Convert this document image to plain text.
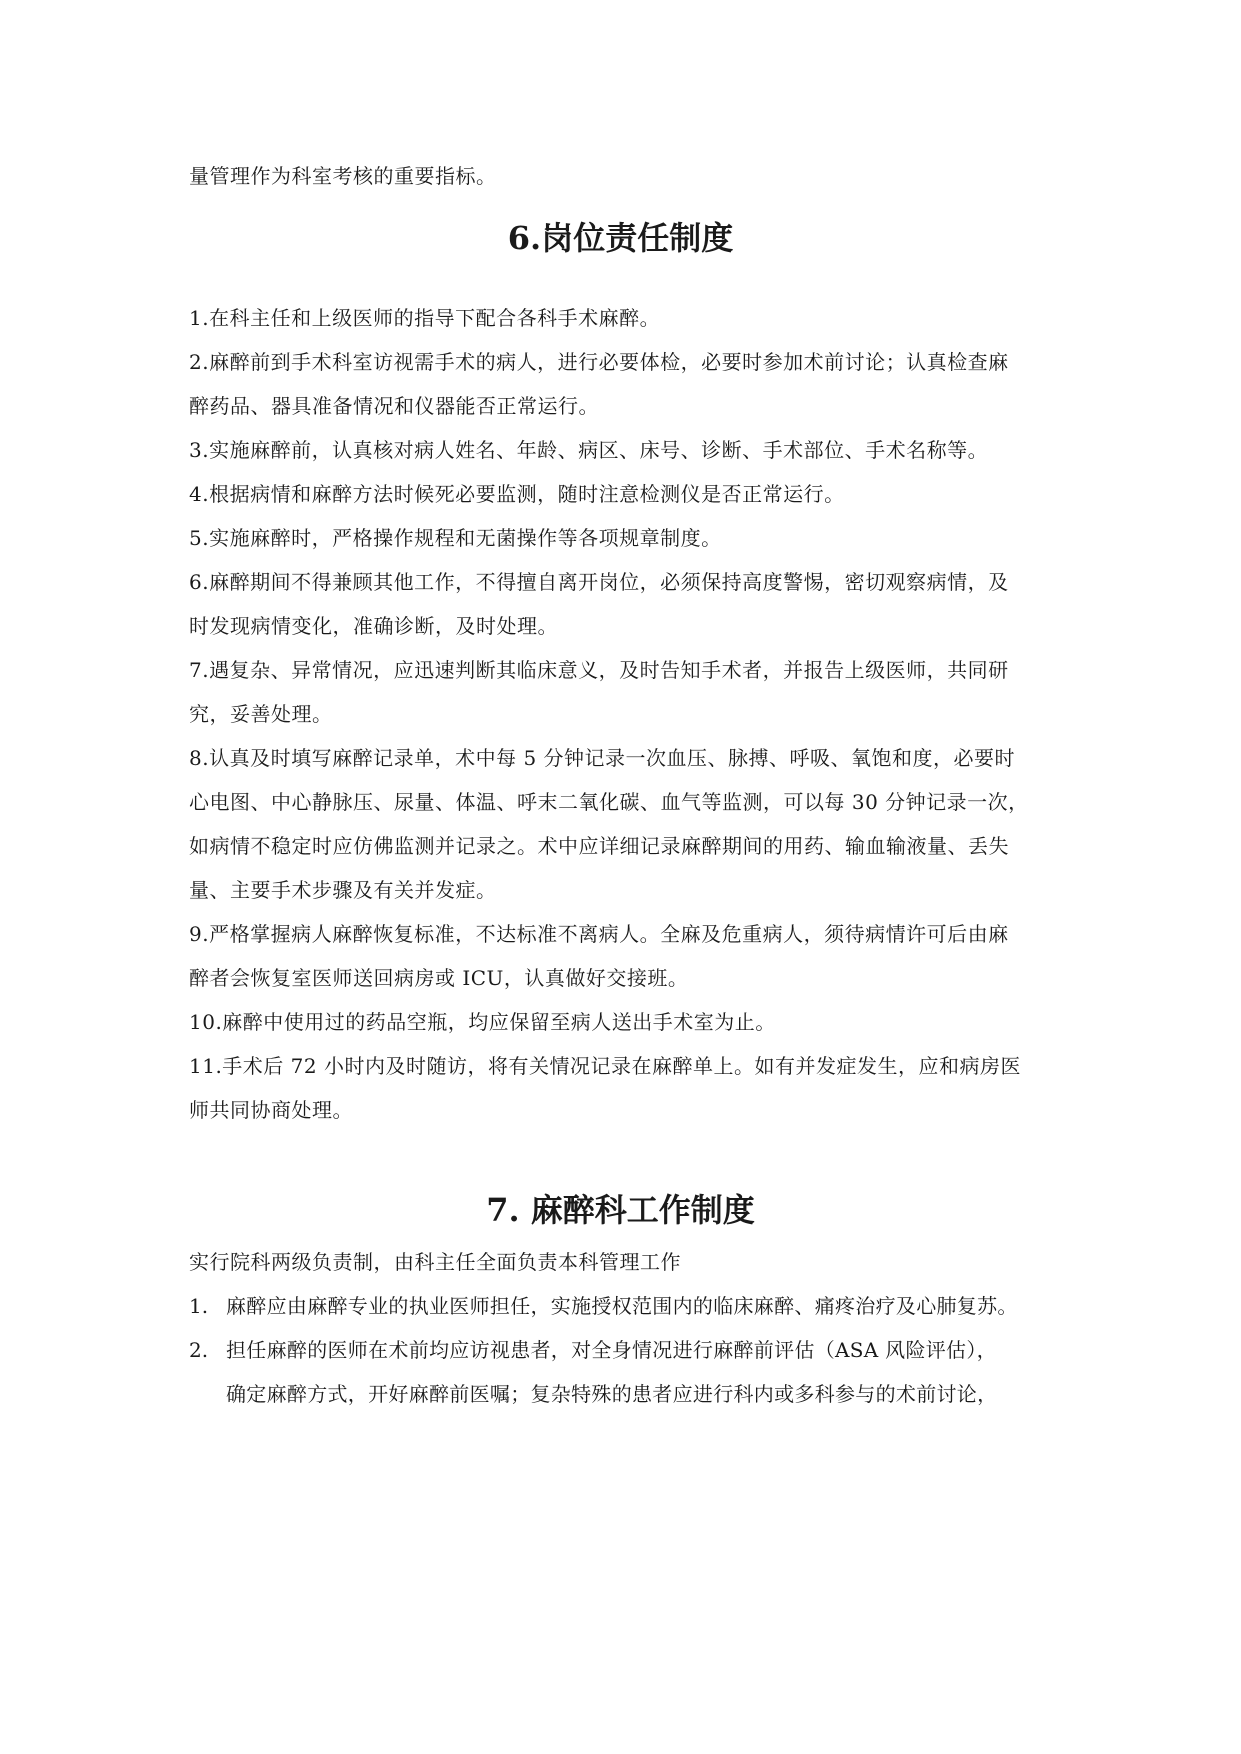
量管理作为科室考核的重要指标。
6.岗位责任制度
1.在科主任和上级医师的指导下配合各科手术麻醉。
2.麻醉前到手术科室访视需手术的病人，进行必要体检，必要时参加术前讨论；认真检查麻
醉药品、器具准备情况和仪器能否正常运行。
3.实施麻醉前，认真核对病人姓名、年龄、病区、床号、诊断、手术部位、手术名称等。
4.根据病情和麻醉方法时候死必要监测，随时注意检测仪是否正常运行。
5.实施麻醉时，严格操作规程和无菌操作等各项规章制度。
6.麻醉期间不得兼顾其他工作，不得擅自离开岗位，必须保持高度警惕，密切观察病情，及
时发现病情变化，准确诊断，及时处理。
7.遇复杂、异常情况，应迅速判断其临床意义，及时告知手术者，并报告上级医师，共同研
究，妥善处理。
8.认真及时填写麻醉记录单，术中每 5 分钟记录一次血压、脉搏、呼吸、氧饱和度，必要时
心电图、中心静脉压、尿量、体温、呼末二氧化碳、血气等监测，可以每 30 分钟记录一次，
如病情不稳定时应仿佛监测并记录之。术中应详细记录麻醉期间的用药、输血输液量、丢失
量、主要手术步骤及有关并发症。
9.严格掌握病人麻醉恢复标准，不达标准不离病人。全麻及危重病人，须待病情许可后由麻
醉者会恢复室医师送回病房或 ICU，认真做好交接班。
10.麻醉中使用过的药品空瓶，均应保留至病人送出手术室为止。
11.手术后 72 小时内及时随访，将有关情况记录在麻醉单上。如有并发症发生，应和病房医
师共同协商处理。
7. 麻醉科工作制度
实行院科两级负责制，由科主任全面负责本科管理工作
1. 麻醉应由麻醉专业的执业医师担任，实施授权范围内的临床麻醉、痛疼治疗及心肺复苏。
2. 担任麻醉的医师在术前均应访视患者，对全身情况进行麻醉前评估（ASA 风险评估），
确定麻醉方式，开好麻醉前医嘱；复杂特殊的患者应进行科内或多科参与的术前讨论，
